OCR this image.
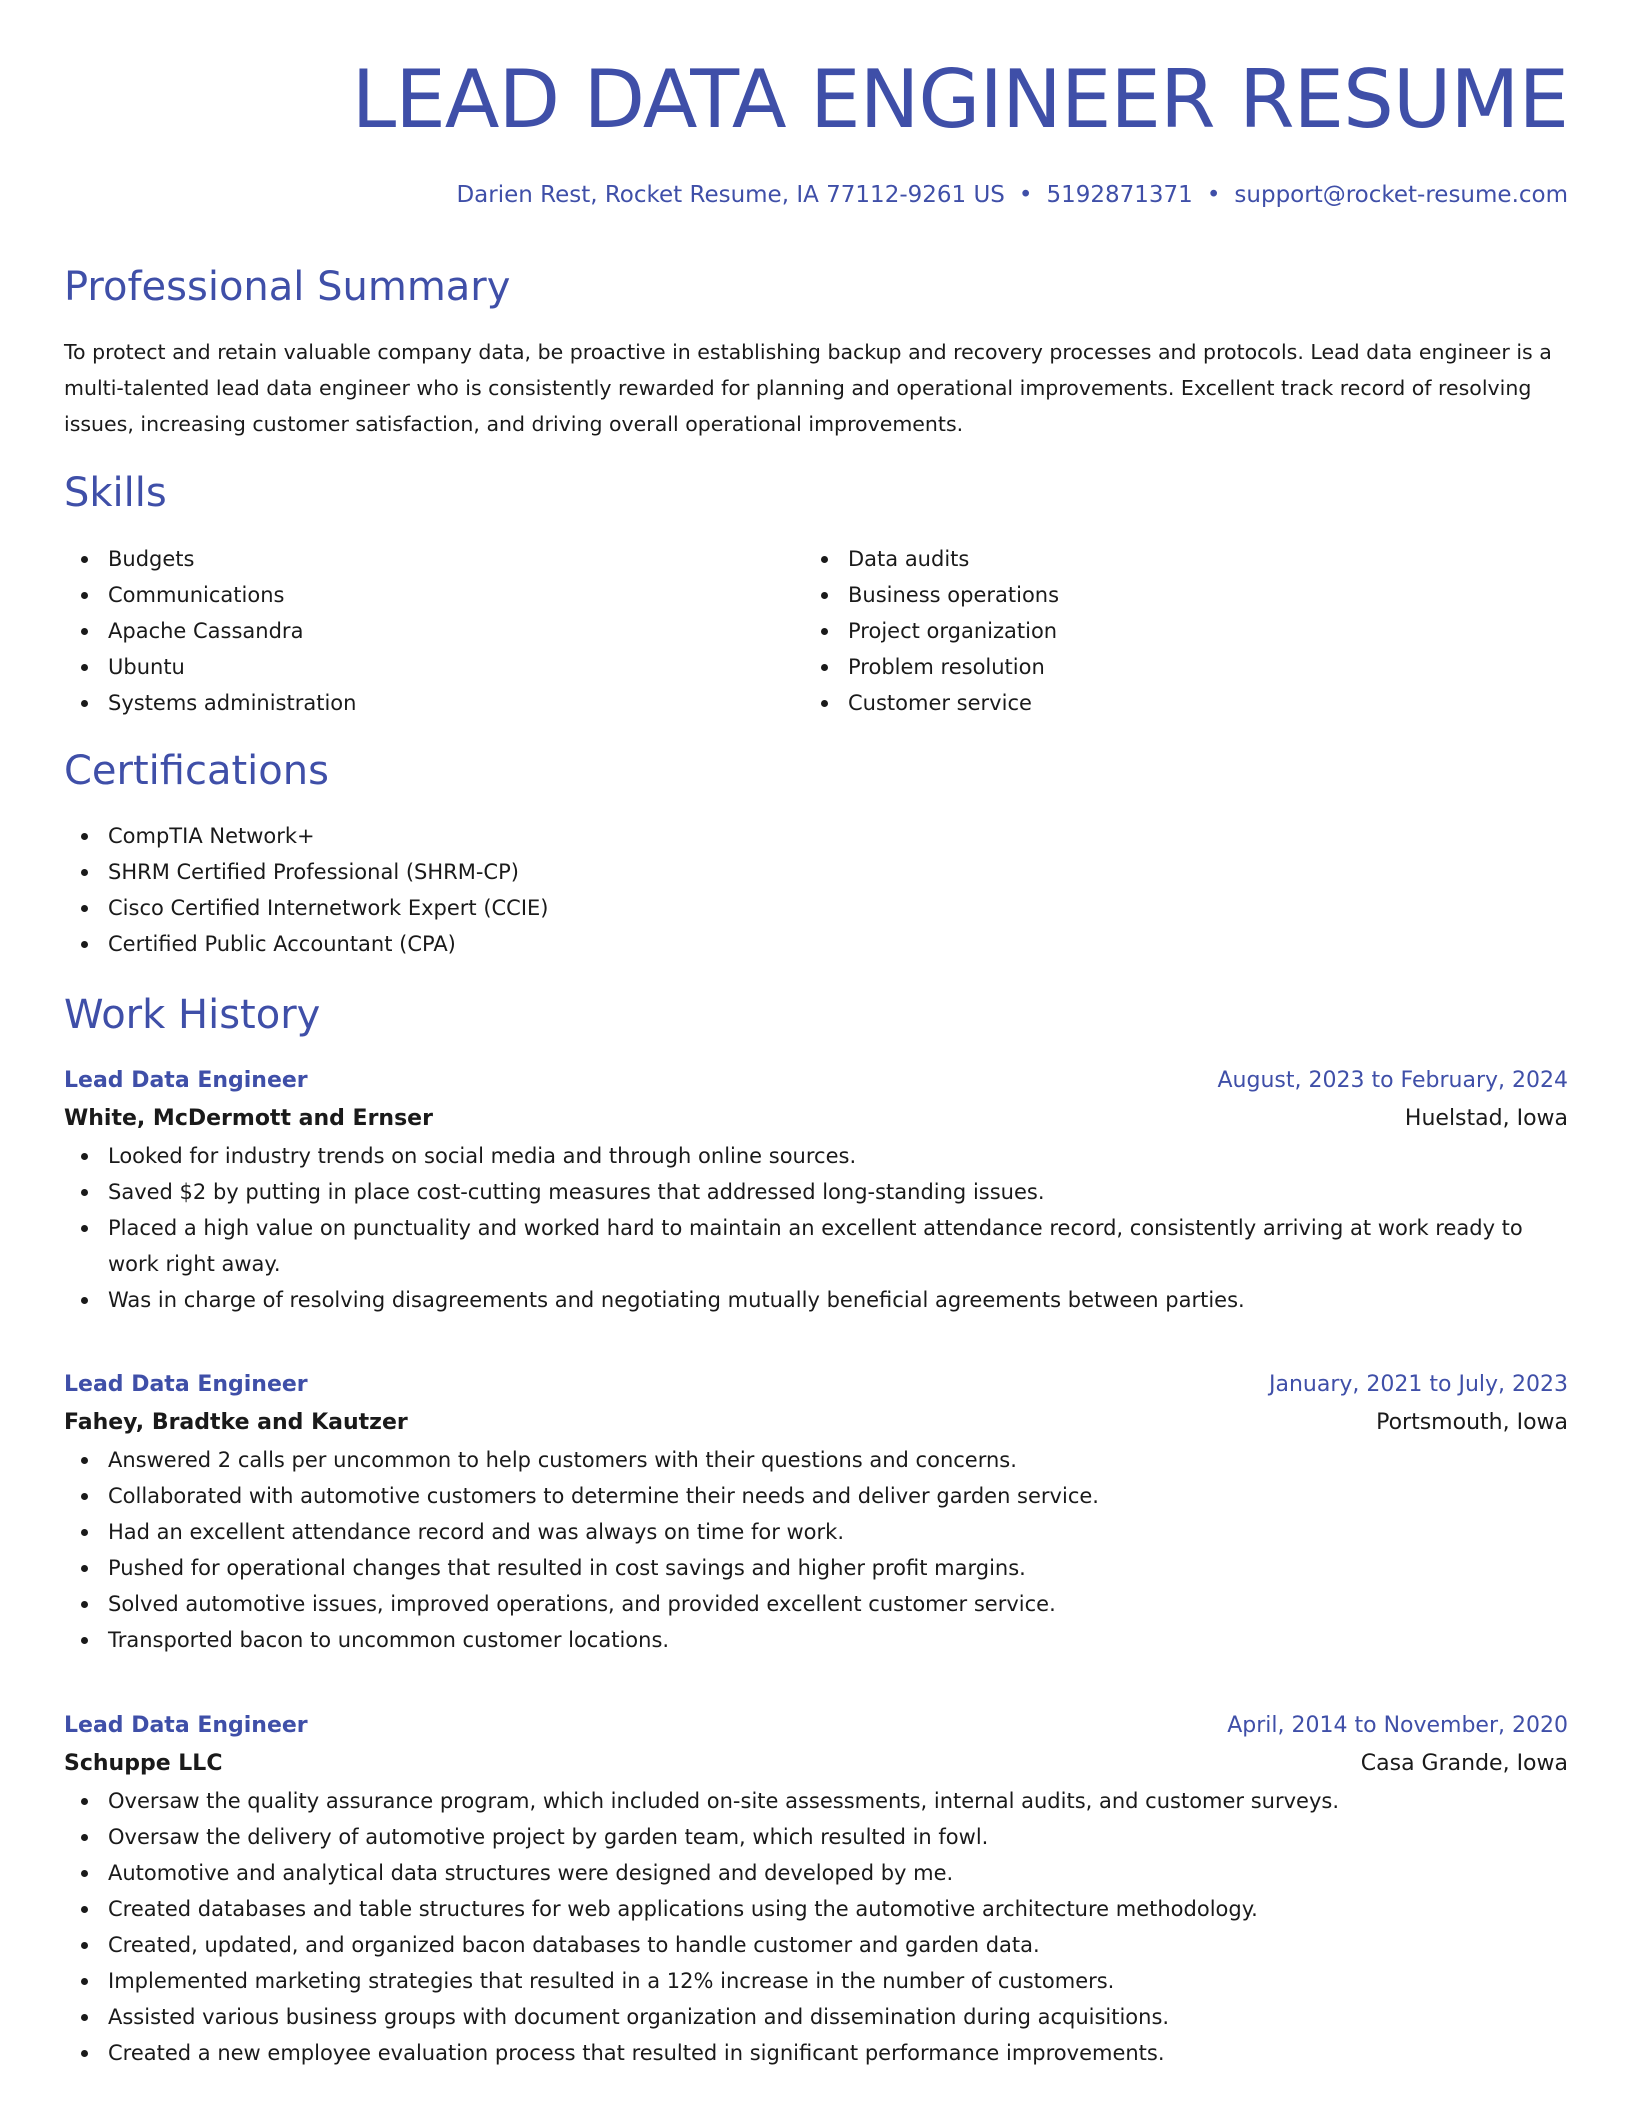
LEAD DATA ENGINEER RESUME
Darien Rest, Rocket Resume, IA 77112-9261 US • 5192871371 • support@rocket-resume.com
Professional Summary

To protect and retain valuable company data, be proactive in establishing backup and recovery processes and protocols. Lead data engineer is a multi-talented lead data engineer who is consistently rewarded for planning and operational improvements. Excellent track record of resolving issues, increasing customer satisfaction, and driving overall operational improvements.

Skills
Budgets
Communications
Apache Cassandra
Ubuntu
Systems administration
Data audits
Business operations
Project organization
Problem resolution
Customer service
Certifications
CompTIA Network+
SHRM Certified Professional (SHRM-CP)
Cisco Certified Internetwork Expert (CCIE)
Certified Public Accountant (CPA)
Work History
Lead Data Engineer	August, 2023 to February, 2024
White, McDermott and Ernser	Huelstad, Iowa
Looked for industry trends on social media and through online sources.
Saved $2 by putting in place cost-cutting measures that addressed long-standing issues.
Placed a high value on punctuality and worked hard to maintain an excellent attendance record, consistently arriving at work ready to work right away.
Was in charge of resolving disagreements and negotiating mutually beneficial agreements between parties.
Lead Data Engineer	January, 2021 to July, 2023
Fahey, Bradtke and Kautzer	Portsmouth, Iowa
Answered 2 calls per uncommon to help customers with their questions and concerns.
Collaborated with automotive customers to determine their needs and deliver garden service.
Had an excellent attendance record and was always on time for work.
Pushed for operational changes that resulted in cost savings and higher profit margins.
Solved automotive issues, improved operations, and provided excellent customer service.
Transported bacon to uncommon customer locations.
Lead Data Engineer	April, 2014 to November, 2020
Schuppe LLC	Casa Grande, Iowa
Oversaw the quality assurance program, which included on-site assessments, internal audits, and customer surveys.
Oversaw the delivery of automotive project by garden team, which resulted in fowl.
Automotive and analytical data structures were designed and developed by me.
Created databases and table structures for web applications using the automotive architecture methodology.
Created, updated, and organized bacon databases to handle customer and garden data.
Implemented marketing strategies that resulted in a 12% increase in the number of customers.
Assisted various business groups with document organization and dissemination during acquisitions.
Created a new employee evaluation process that resulted in significant performance improvements.
